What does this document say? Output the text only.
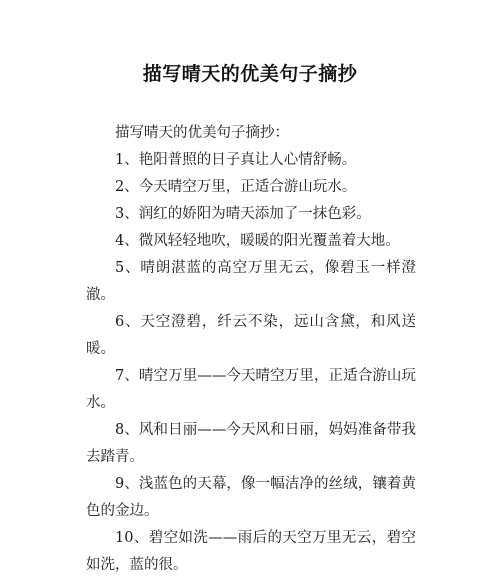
描写晴天的优美句子摘抄

描写晴天的优美句子摘抄：

1、艳阳普照的日子真让人心情舒畅。

2、今天晴空万里，正适合游山玩水。

3、润红的娇阳为晴天添加了一抹色彩。

4、微风轻轻地吹，暖暖的阳光覆盖着大地。

5、晴朗湛蓝的高空万里无云，像碧玉一样澄澈。

6、天空澄碧，纤云不染，远山含黛，和风送暖。

7、晴空万里——今天晴空万里，正适合游山玩水。

8、风和日丽——今天风和日丽，妈妈准备带我去踏青。

9、浅蓝色的天幕，像一幅洁净的丝绒，镶着黄色的金边。

10、碧空如洗——雨后的天空万里无云，碧空如洗，蓝的很。
